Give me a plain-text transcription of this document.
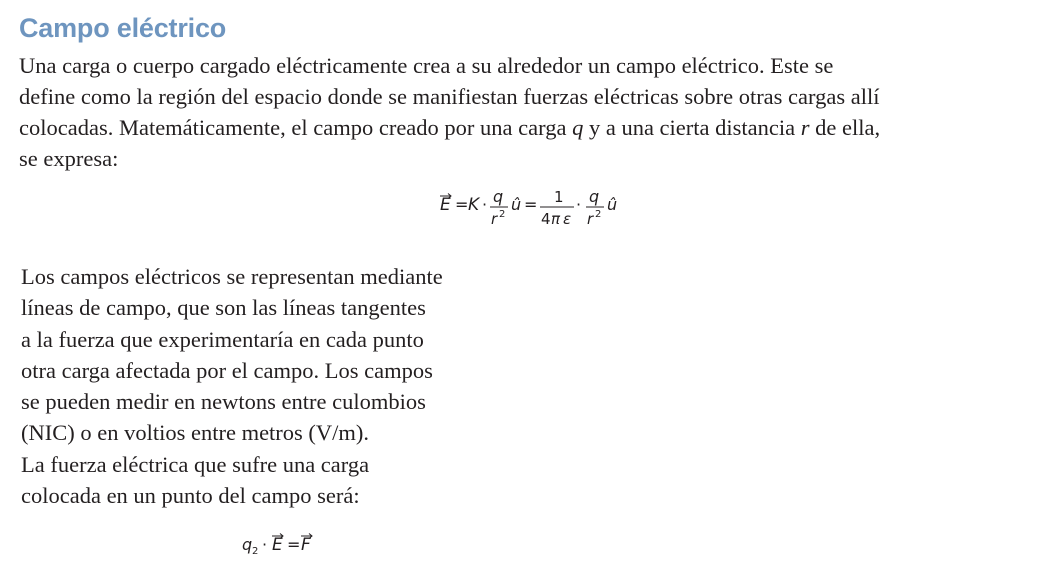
Campo eléctrico
Una carga o cuerpo cargado eléctricamente crea a su alrededor un campo eléctrico. Este se
define como la región del espacio donde se manifiestan fuerzas eléctricas sobre otras cargas allí
colocadas. Matemáticamente, el campo creado por una carga q y a una cierta distancia r de ella,
se expresa:
E = K · q
r 2
û = 1
4 π ε
· q
r 2
û
Los campos eléctricos se representan mediante
líneas de campo, que son las líneas tangentes
a la fuerza que experimentaría en cada punto
otra carga afectada por el campo. Los campos
se pueden medir en newtons entre culombios
(NIC) o en voltios entre metros (V/m).
La fuerza eléctrica que sufre una carga
colocada en un punto del campo será:
q 2 · E = F
